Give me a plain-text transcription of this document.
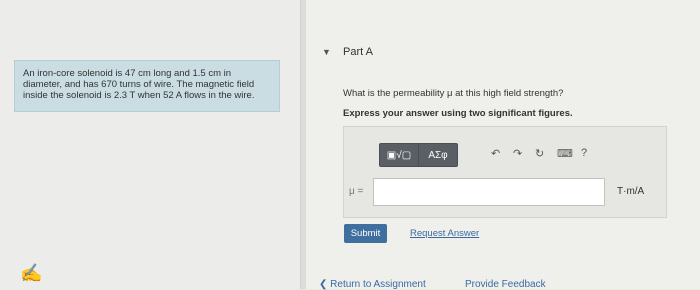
An iron-core solenoid is 47 cm long and 1.5 cm in diameter, and has 670 turns of wire. The magnetic field inside the solenoid is 2.3 T when 52 A flows in the wire.
✍
▼ Part A
What is the permeability μ at this high field strength?
Express your answer using two significant figures.
▣√▢	ΑΣφ	↶ ↷ ↻ ⌨ ?
μ =	T·m/A
Submit	Request Answer
❮ Return to Assignment	Provide Feedback
